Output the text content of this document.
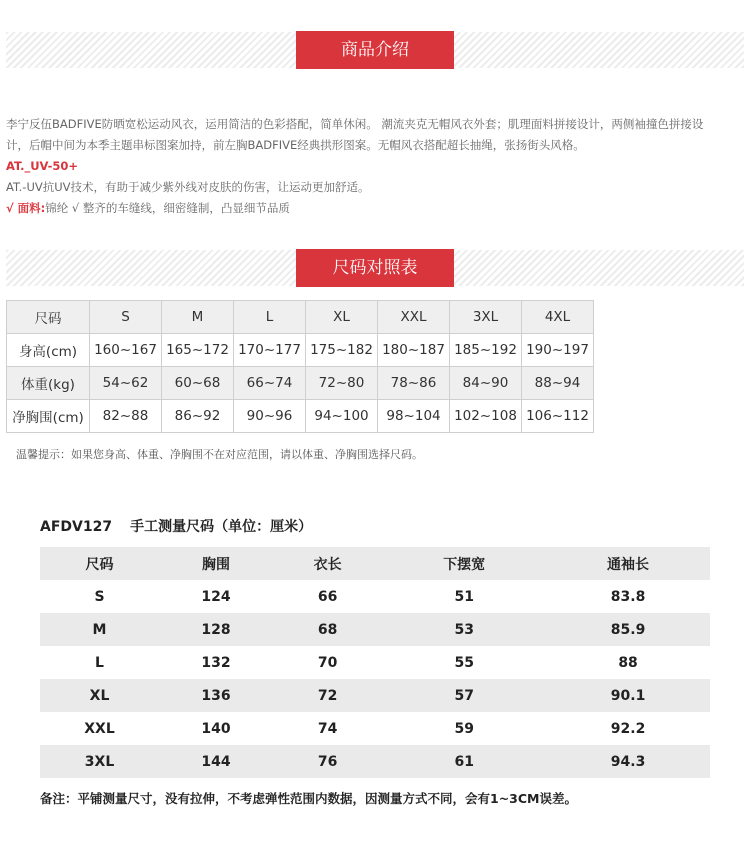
商品介绍

李宁反伍BADFIVE防晒宽松运动风衣，运用简洁的色彩搭配，简单休闲。 潮流夹克无帽风衣外套；肌理面料拼接设计，两侧袖撞色拼接设

计，后帽中间为本季主题串标图案加持，前左胸BADFIVE经典拱形图案。无帽风衣搭配超长抽绳，张扬街头风格。

AT._UV-50+

AT.-UV抗UV技术，有助于减少紫外线对皮肤的伤害，让运动更加舒适。

√ 面料:锦纶 √ 整齐的车缝线，细密缝制，凸显细节品质

尺码对照表
尺码	S	M	L	XL	XXL	3XL	4XL
身高(cm)	160~167	165~172	170~177	175~182	180~187	185~192	190~197
体重(kg)	54~62	60~68	66~74	72~80	78~86	84~90	88~94
净胸围(cm)	82~88	86~92	90~96	94~100	98~104	102~108	106~112
温馨提示：如果您身高、体重、净胸围不在对应范围，请以体重、净胸围选择尺码。
AFDV127 手工测量尺码（单位：厘米）
尺码	胸围	衣长	下摆宽	通袖长
S	124	66	51	83.8
M	128	68	53	85.9
L	132	70	55	88
XL	136	72	57	90.1
XXL	140	74	59	92.2
3XL	144	76	61	94.3
备注：平铺测量尺寸，没有拉伸，不考虑弹性范围内数据，因测量方式不同，会有1~3CM误差。
